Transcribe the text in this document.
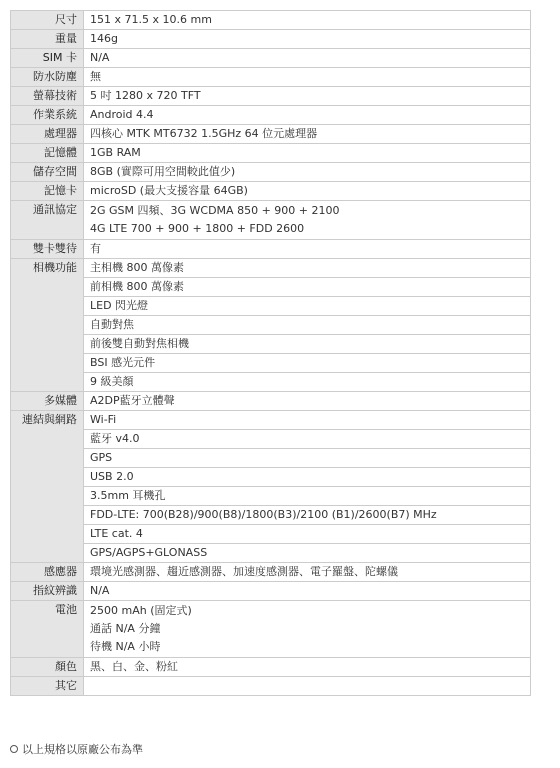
尺寸	151 x 71.5 x 10.6 mm
重量	146g
SIM 卡	N/A
防水防塵	無
螢幕技術	5 吋 1280 x 720 TFT
作業系統	Android 4.4
處理器	四核心 MTK MT6732 1.5GHz 64 位元處理器
記憶體	1GB RAM
儲存空間	8GB (實際可用空間較此值少)
記憶卡	microSD (最大支援容量 64GB)
通訊協定	2G GSM 四頻、3G WCDMA 850 + 900 + 2100
4G LTE 700 + 900 + 1800 + FDD 2600

雙卡雙待	有
相機功能	主相機 800 萬像素
	前相機 800 萬像素
	LED 閃光燈
	自動對焦
	前後雙自動對焦相機
	BSI 感光元件
	9 級美顏
多媒體	A2DP藍牙立體聲
連結與網路	Wi-Fi
	藍牙 v4.0
	GPS
	USB 2.0
	3.5mm 耳機孔
	FDD-LTE: 700(B28)/900(B8)/1800(B3)/2100 (B1)/2600(B7) MHz
	LTE cat. 4
	GPS/AGPS+GLONASS
感應器	環境光感測器、趨近感測器、加速度感測器、電子羅盤、陀螺儀
指紋辨識	N/A
電池	2500 mAh (固定式)
通話 N/A 分鐘
待機 N/A 小時

顏色	黑、白、金、粉紅
其它	
以上規格以原廠公布為準
